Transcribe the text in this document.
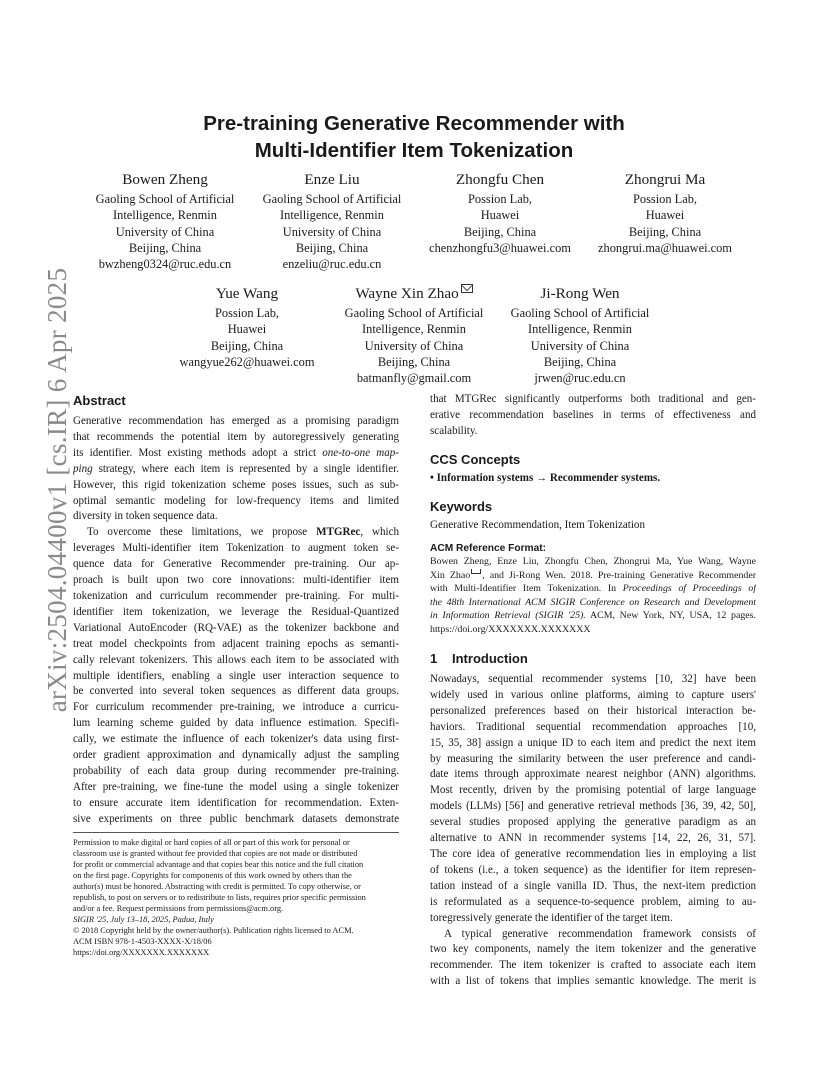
arXiv:2504.04400v1 [cs.IR] 6 Apr 2025
Pre-training Generative Recommender with
Multi-Identifier Item Tokenization
Bowen Zheng
Gaoling School of Artificial
Intelligence, Renmin
University of China
Beijing, China
bwzheng0324@ruc.edu.cn
Enze Liu
Gaoling School of Artificial
Intelligence, Renmin
University of China
Beijing, China
enzeliu@ruc.edu.cn
Zhongfu Chen
Possion Lab,
Huawei
Beijing, China
chenzhongfu3@huawei.com
Zhongrui Ma
Possion Lab,
Huawei
Beijing, China
zhongrui.ma@huawei.com
Yue Wang
Possion Lab,
Huawei
Beijing, China
wangyue262@huawei.com
Wayne Xin Zhao
Gaoling School of Artificial
Intelligence, Renmin
University of China
Beijing, China
batmanfly@gmail.com
Ji-Rong Wen
Gaoling School of Artificial
Intelligence, Renmin
University of China
Beijing, China
jrwen@ruc.edu.cn
Abstract
Generative recommendation has emerged as a promising paradigm
that recommends the potential item by autoregressively generating
its identifier. Most existing methods adopt a strict one-to-one map-
ping strategy, where each item is represented by a single identifier.
However, this rigid tokenization scheme poses issues, such as sub-
optimal semantic modeling for low-frequency items and limited
diversity in token sequence data.
To overcome these limitations, we propose MTGRec, which
leverages Multi-identifier item Tokenization to augment token se-
quence data for Generative Recommender pre-training. Our ap-
proach is built upon two core innovations: multi-identifier item
tokenization and curriculum recommender pre-training. For multi-
identifier item tokenization, we leverage the Residual-Quantized
Variational AutoEncoder (RQ-VAE) as the tokenizer backbone and
treat model checkpoints from adjacent training epochs as semanti-
cally relevant tokenizers. This allows each item to be associated with
multiple identifiers, enabling a single user interaction sequence to
be converted into several token sequences as different data groups.
For curriculum recommender pre-training, we introduce a curricu-
lum learning scheme guided by data influence estimation. Specifi-
cally, we estimate the influence of each tokenizer's data using first-
order gradient approximation and dynamically adjust the sampling
probability of each data group during recommender pre-training.
After pre-training, we fine-tune the model using a single tokenizer
to ensure accurate item identification for recommendation. Exten-
sive experiments on three public benchmark datasets demonstrate
Permission to make digital or hard copies of all or part of this work for personal or
classroom use is granted without fee provided that copies are not made or distributed
for profit or commercial advantage and that copies bear this notice and the full citation
on the first page. Copyrights for components of this work owned by others than the
author(s) must be honored. Abstracting with credit is permitted. To copy otherwise, or
republish, to post on servers or to redistribute to lists, requires prior specific permission
and/or a fee. Request permissions from permissions@acm.org.
SIGIR '25, July 13–18, 2025, Padua, Italy
© 2018 Copyright held by the owner/author(s). Publication rights licensed to ACM.
ACM ISBN 978-1-4503-XXXX-X/18/06
https://doi.org/XXXXXXX.XXXXXXX
that MTGRec significantly outperforms both traditional and gen-
erative recommendation baselines in terms of effectiveness and
scalability.
CCS Concepts
• Information systems → Recommender systems.
Keywords
Generative Recommendation, Item Tokenization
ACM Reference Format:
Bowen Zheng, Enze Liu, Zhongfu Chen, Zhongrui Ma, Yue Wang, Wayne
Xin Zhao , and Ji-Rong Wen. 2018. Pre-training Generative Recommender
with Multi-Identifier Item Tokenization. In Proceedings of Proceedings of
the 48th International ACM SIGIR Conference on Research and Development
in Information Retrieval (SIGIR '25). ACM, New York, NY, USA, 12 pages.
https://doi.org/XXXXXXX.XXXXXXX
1 Introduction
Nowadays, sequential recommender systems [10, 32] have been
widely used in various online platforms, aiming to capture users'
personalized preferences based on their historical interaction be-
haviors. Traditional sequential recommendation approaches [10,
15, 35, 38] assign a unique ID to each item and predict the next item
by measuring the similarity between the user preference and candi-
date items through approximate nearest neighbor (ANN) algorithms.
Most recently, driven by the promising potential of large language
models (LLMs) [56] and generative retrieval methods [36, 39, 42, 50],
several studies proposed applying the generative paradigm as an
alternative to ANN in recommender systems [14, 22, 26, 31, 57].
The core idea of generative recommendation lies in employing a list
of tokens (i.e., a token sequence) as the identifier for item represen-
tation instead of a single vanilla ID. Thus, the next-item prediction
is reformulated as a sequence-to-sequence problem, aiming to au-
toregressively generate the identifier of the target item.
A typical generative recommendation framework consists of
two key components, namely the item tokenizer and the generative
recommender. The item tokenizer is crafted to associate each item
with a list of tokens that implies semantic knowledge. The merit is
